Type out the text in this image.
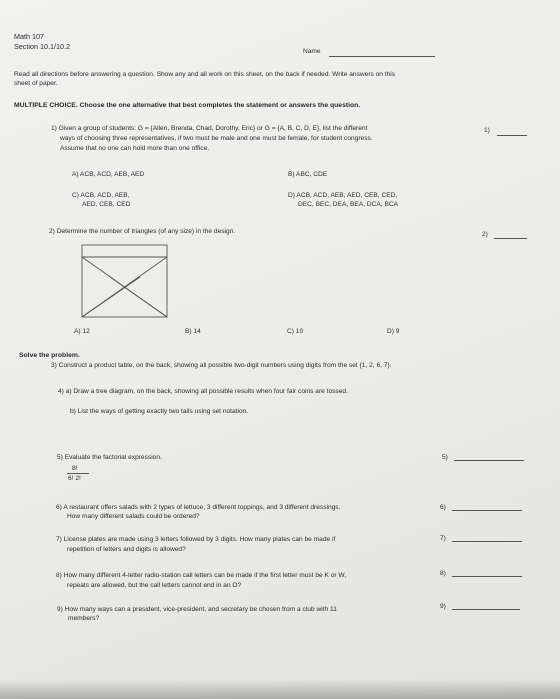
Math 107
Section 10.1/10.2
Name
Read all directions before answering a question. Show any and all work on this sheet, on the back if needed. Write answers on this
sheet of paper.
MULTIPLE CHOICE. Choose the one alternative that best completes the statement or answers the question.
1) Given a group of students: G = {Allen, Brenda, Chad, Dorothy, Eric} or G = {A, B, C, D, E}, list the different
ways of choosing three representatives, if two must be male and one must be female, for student congress.
Assume that no one can hold more than one office.
1)
A) ACB, ACD, AEB, AED	B) ABC, CDE
C) ACB, ACD, AEB,
AED, CEB, CED
D) ACB, ACD, AEB, AED, CEB, CED,
DEC, BEC, DEA, BEA, DCA, BCA
2) Determine the number of triangles (of any size) in the design.	2)
A) 12	B) 14	C) 10	D) 9
Solve the problem.
3) Construct a product table, on the back, showing all possible two-digit numbers using digits from the set {1, 2, 6, 7}.
4) a) Draw a tree diagram, on the back, showing all possible results when four fair coins are tossed.
b) List the ways of getting exactly two tails using set notation.
5) Evaluate the factorial expression.
8!
6! 2!
5)
6) A restaurant offers salads with 2 types of lettuce, 3 different toppings, and 3 different dressings.
How many different salads could be ordered?
6)
7) License plates are made using 3 letters followed by 3 digits. How many plates can be made if
repetition of letters and digits is allowed?
7)
8) How many different 4-letter radio-station call letters can be made if the first letter must be K or W,
repeats are allowed, but the call letters cannot end in an O?
8)
9) How many ways can a president, vice-president, and secretary be chosen from a club with 11
members?
9)
